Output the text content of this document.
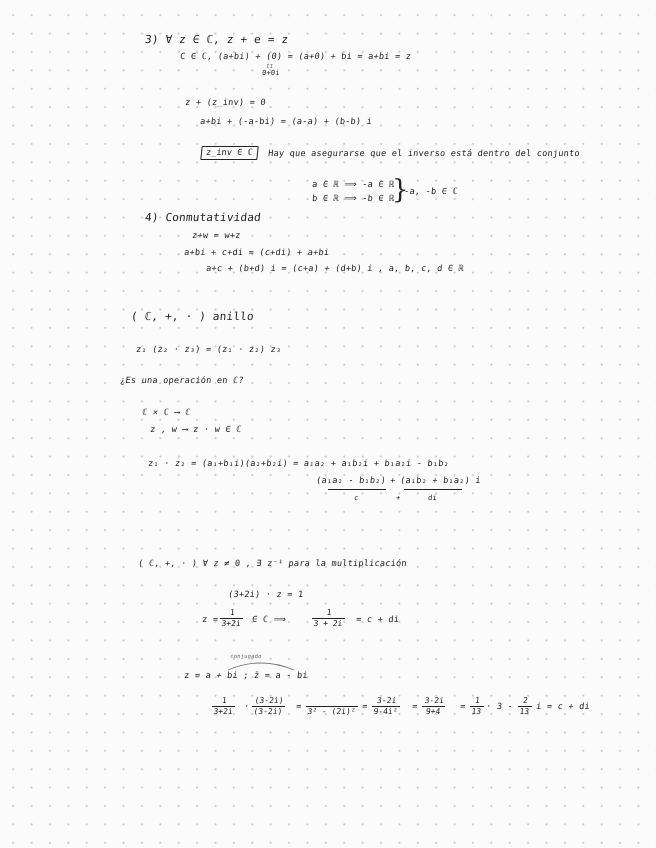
3) ∀ z ∈ ℂ, z + e = z
C ∈ ℂ, (a+bi) + (0) = (a+0) + bi = a+bi = z
II
0+0i
z + (z_inv) = 0
a+bi + (-a-bi) = (a-a) + (b-b) i
z_inv ∈ ℂ	Hay que asegurarse que el inverso está dentro del conjunto
a ∈ ℝ ⟹ -a ∈ ℝ
b ∈ ℝ ⟹ -b ∈ ℝ
}
-a, -b ∈ ℂ
4) Conmutatividad
z+w = w+z
a+bi + c+di = (c+di) + a+bi
a+c + (b+d) i = (c+a) + (d+b) i , a, b, c, d ∈ ℝ
( ℂ, +, · ) anillo
z₁ (z₂ · z₃) = (z₁ · z₂) z₃
¿Es una operación en ℂ?
ℂ × ℂ ⟶ ℂ
z , w ⟶ z · w ∈ ℂ
z₁ · z₂ = (a₁+b₁i)(a₂+b₂i) = a₁a₂ + a₁b₂i + b₁a₂i - b₁b₂
(a₁a₂ - b₁b₂) + (a₁b₂ + b₁a₂) i
c	+	di
( ℂ, +, · ) ∀ z ≠ 0 , ∃ z⁻¹ para la multiplicación
(3+2i) · z = 1
$z = \frac{1}{3+2i}$ ∈ ℂ ⟹	$\frac{1}{3 + 2i} = c$ + di
conjugado
z = a + bi ; z̄ = a - bi
$\frac{1}{3+2i} \cdot \frac{(3-2i)}{(3-2i)} = 3^2 - (2i)^2 = \frac{3-2i}{\text{9-4i²}} = \frac{3-2i}{9+4} = \frac{1}{13} \cdot 3 - \frac{2}{13}$ i = c + di
